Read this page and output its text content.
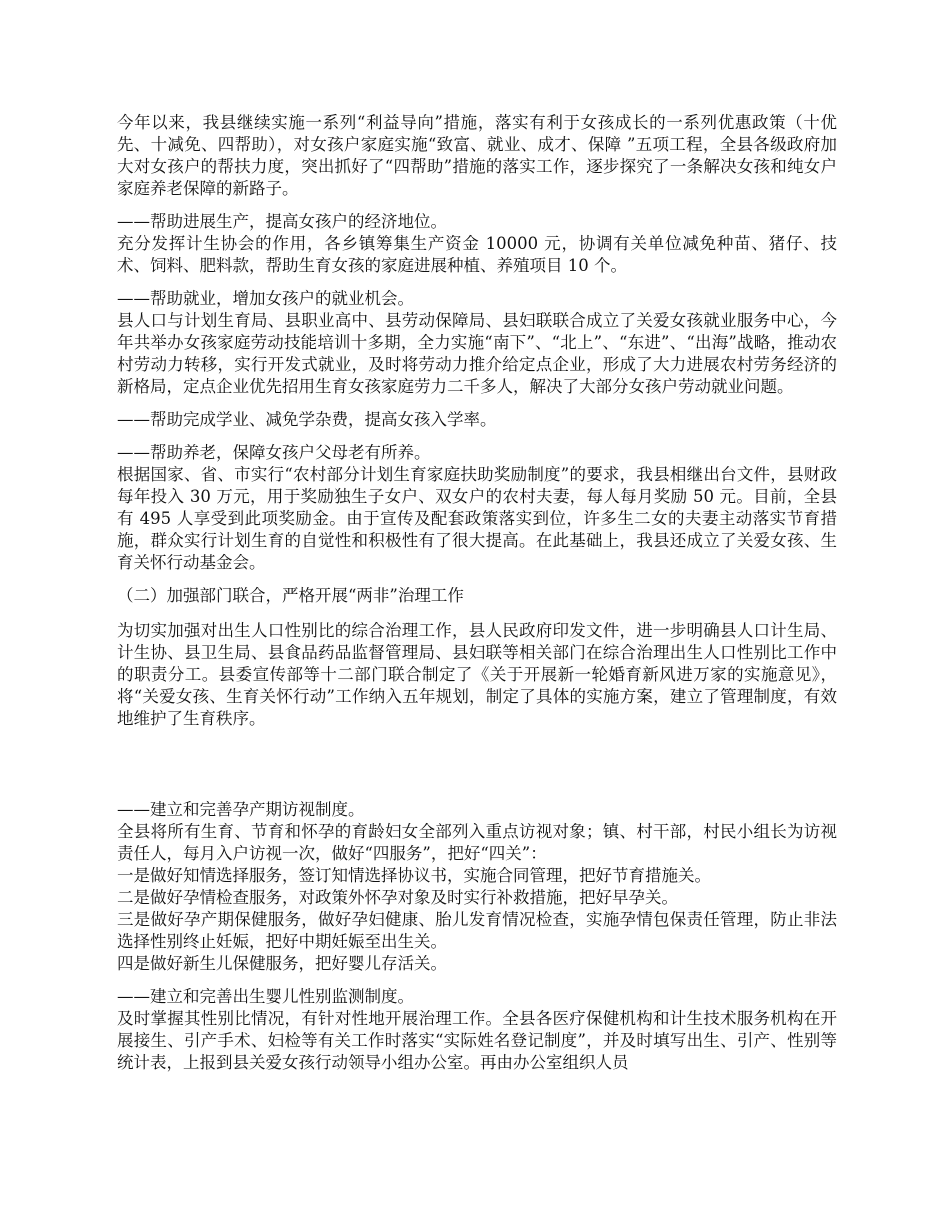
今年以来，我县继续实施一系列“利益导向”措施，落实有利于女孩成长的一系列优惠政策（十优先、十减免、四帮助），对女孩户家庭实施“致富、就业、成才、保障 ”五项工程，全县各级政府加大对女孩户的帮扶力度，突出抓好了“四帮助”措施的落实工作，逐步探究了一条解决女孩和纯女户家庭养老保障的新路子。

——帮助进展生产，提高女孩户的经济地位。

充分发挥计生协会的作用，各乡镇筹集生产资金 10000 元，协调有关单位减免种苗、猪仔、技术、饲料、肥料款，帮助生育女孩的家庭进展种植、养殖项目 10 个。

——帮助就业，增加女孩户的就业机会。

县人口与计划生育局、县职业高中、县劳动保障局、县妇联联合成立了关爱女孩就业服务中心，今年共举办女孩家庭劳动技能培训十多期，全力实施“南下”、“北上”、“东进”、“出海”战略，推动农村劳动力转移，实行开发式就业，及时将劳动力推介给定点企业，形成了大力进展农村劳务经济的新格局，定点企业优先招用生育女孩家庭劳力二千多人，解决了大部分女孩户劳动就业问题。

——帮助完成学业、减免学杂费，提高女孩入学率。

——帮助养老，保障女孩户父母老有所养。

根据国家、省、市实行“农村部分计划生育家庭扶助奖励制度”的要求，我县相继出台文件，县财政每年投入 30 万元，用于奖励独生子女户、双女户的农村夫妻，每人每月奖励 50 元。目前，全县有 495 人享受到此项奖励金。由于宣传及配套政策落实到位，许多生二女的夫妻主动落实节育措施，群众实行计划生育的自觉性和积极性有了很大提高。在此基础上，我县还成立了关爱女孩、生育关怀行动基金会。

（二）加强部门联合，严格开展“两非”治理工作

为切实加强对出生人口性别比的综合治理工作，县人民政府印发文件，进一步明确县人口计生局、计生协、县卫生局、县食品药品监督管理局、县妇联等相关部门在综合治理出生人口性别比工作中的职责分工。县委宣传部等十二部门联合制定了《关于开展新一轮婚育新风进万家的实施意见》，将“关爱女孩、生育关怀行动”工作纳入五年规划，制定了具体的实施方案，建立了管理制度，有效地维护了生育秩序。

——建立和完善孕产期访视制度。

全县将所有生育、节育和怀孕的育龄妇女全部列入重点访视对象；镇、村干部，村民小组长为访视责任人，每月入户访视一次，做好“四服务”，把好“四关”：

一是做好知情选择服务，签订知情选择协议书，实施合同管理，把好节育措施关。

二是做好孕情检查服务，对政策外怀孕对象及时实行补救措施，把好早孕关。

三是做好孕产期保健服务，做好孕妇健康、胎儿发育情况检查，实施孕情包保责任管理，防止非法选择性别终止妊娠，把好中期妊娠至出生关。

四是做好新生儿保健服务，把好婴儿存活关。

——建立和完善出生婴儿性别监测制度。

及时掌握其性别比情况，有针对性地开展治理工作。全县各医疗保健机构和计生技术服务机构在开展接生、引产手术、妇检等有关工作时落实“实际姓名登记制度”，并及时填写出生、引产、性别等统计表，上报到县关爱女孩行动领导小组办公室。再由办公室组织人员
